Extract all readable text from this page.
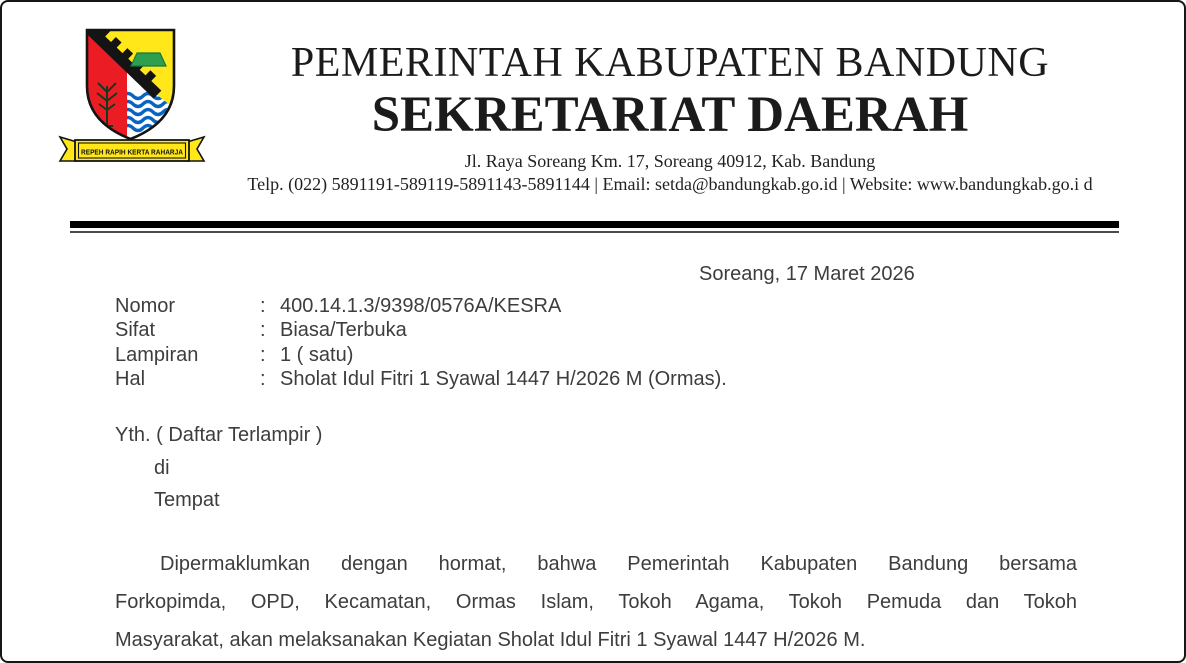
REPEH RAPIH KERTA RAHARJA
PEMERINTAH KABUPATEN BANDUNG
SEKRETARIAT DAERAH
Jl. Raya Soreang Km. 17, Soreang 40912, Kab. Bandung
Telp. (022) 5891191-589119-5891143-5891144 | Email: setda@bandungkab.go.id | Website: www.bandungkab.go.i d
Soreang, 17 Maret 2026
Nomor	: 400.14.1.3/9398/0576A/KESRA
Sifat	: Biasa/Terbuka
Lampiran	: 1 ( satu)
Hal	: Sholat Idul Fitri 1 Syawal 1447 H/2026 M (Ormas).
Yth. ( Daftar Terlampir )
di
Tempat
Dipermaklumkan dengan hormat, bahwa Pemerintah Kabupaten Bandung bersama
Forkopimda, OPD, Kecamatan, Ormas Islam, Tokoh Agama, Tokoh Pemuda dan Tokoh
Masyarakat, akan melaksanakan Kegiatan Sholat Idul Fitri 1 Syawal 1447 H/2026 M.
